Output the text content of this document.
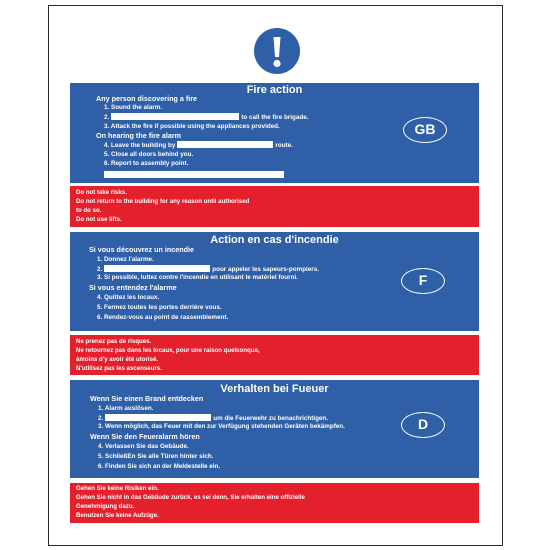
Fire action
Any person discovering a fire
1. Sound the alarm.
2.	to call the fire brigade.
3. Attack the fire if possible using the appliances provided.
On hearing the fire alarm
4. Leave the building by	route.
5. Close all doors behind you.
6. Report to assembly point.
GB
Do not take risks.
Do not return to the building for any reason until authorised
to do so.
Do not use lifts.
Action en cas d'incendie
Si vous découvrez un incendie
1. Donnez l'alarme.
2.	pour appeler les sapeurs-pompiers.
3. Si possible, luttez contre l'incendie en utilisant le matériel fourni.
Si vous entendez l'alarme
4. Quittez les locaux.
5. Fermez toutes les portes derrière vous.
6. Rendez-vous au point de rassemblement.
F
Ne prenez pas de risques.
Ne retournez pas dans les locaux, pour une raison quelconque,
àmoins d'y avoir été utorisé.
N'utilisez pas les ascenseurs.
Verhalten bei Fueuer
Wenn Sie einen Brand entdecken
1. Alarm auslösen.
2.	um die Feuerwehr zu benachrichtigen.
3. Wenn möglich, das Feuer mit den zur Verfügung stehenden Geräten bekämpfen.
Wenn Sie den Feueralarm hören
4. Verlassen Sie das Gebäude.
5. SchließEn Sie alle Türen hinter sich.
6. Finden Sie sich an der Meldestelle ein.
D
Gehen Sie keine Risiken ein.
Gehen Sie nicht in das Gebäude zurück, es sei denn, Sie erhalten eine offizielle
Genehmigung dazu.
Benutzen Sie keine Aufzüge.
